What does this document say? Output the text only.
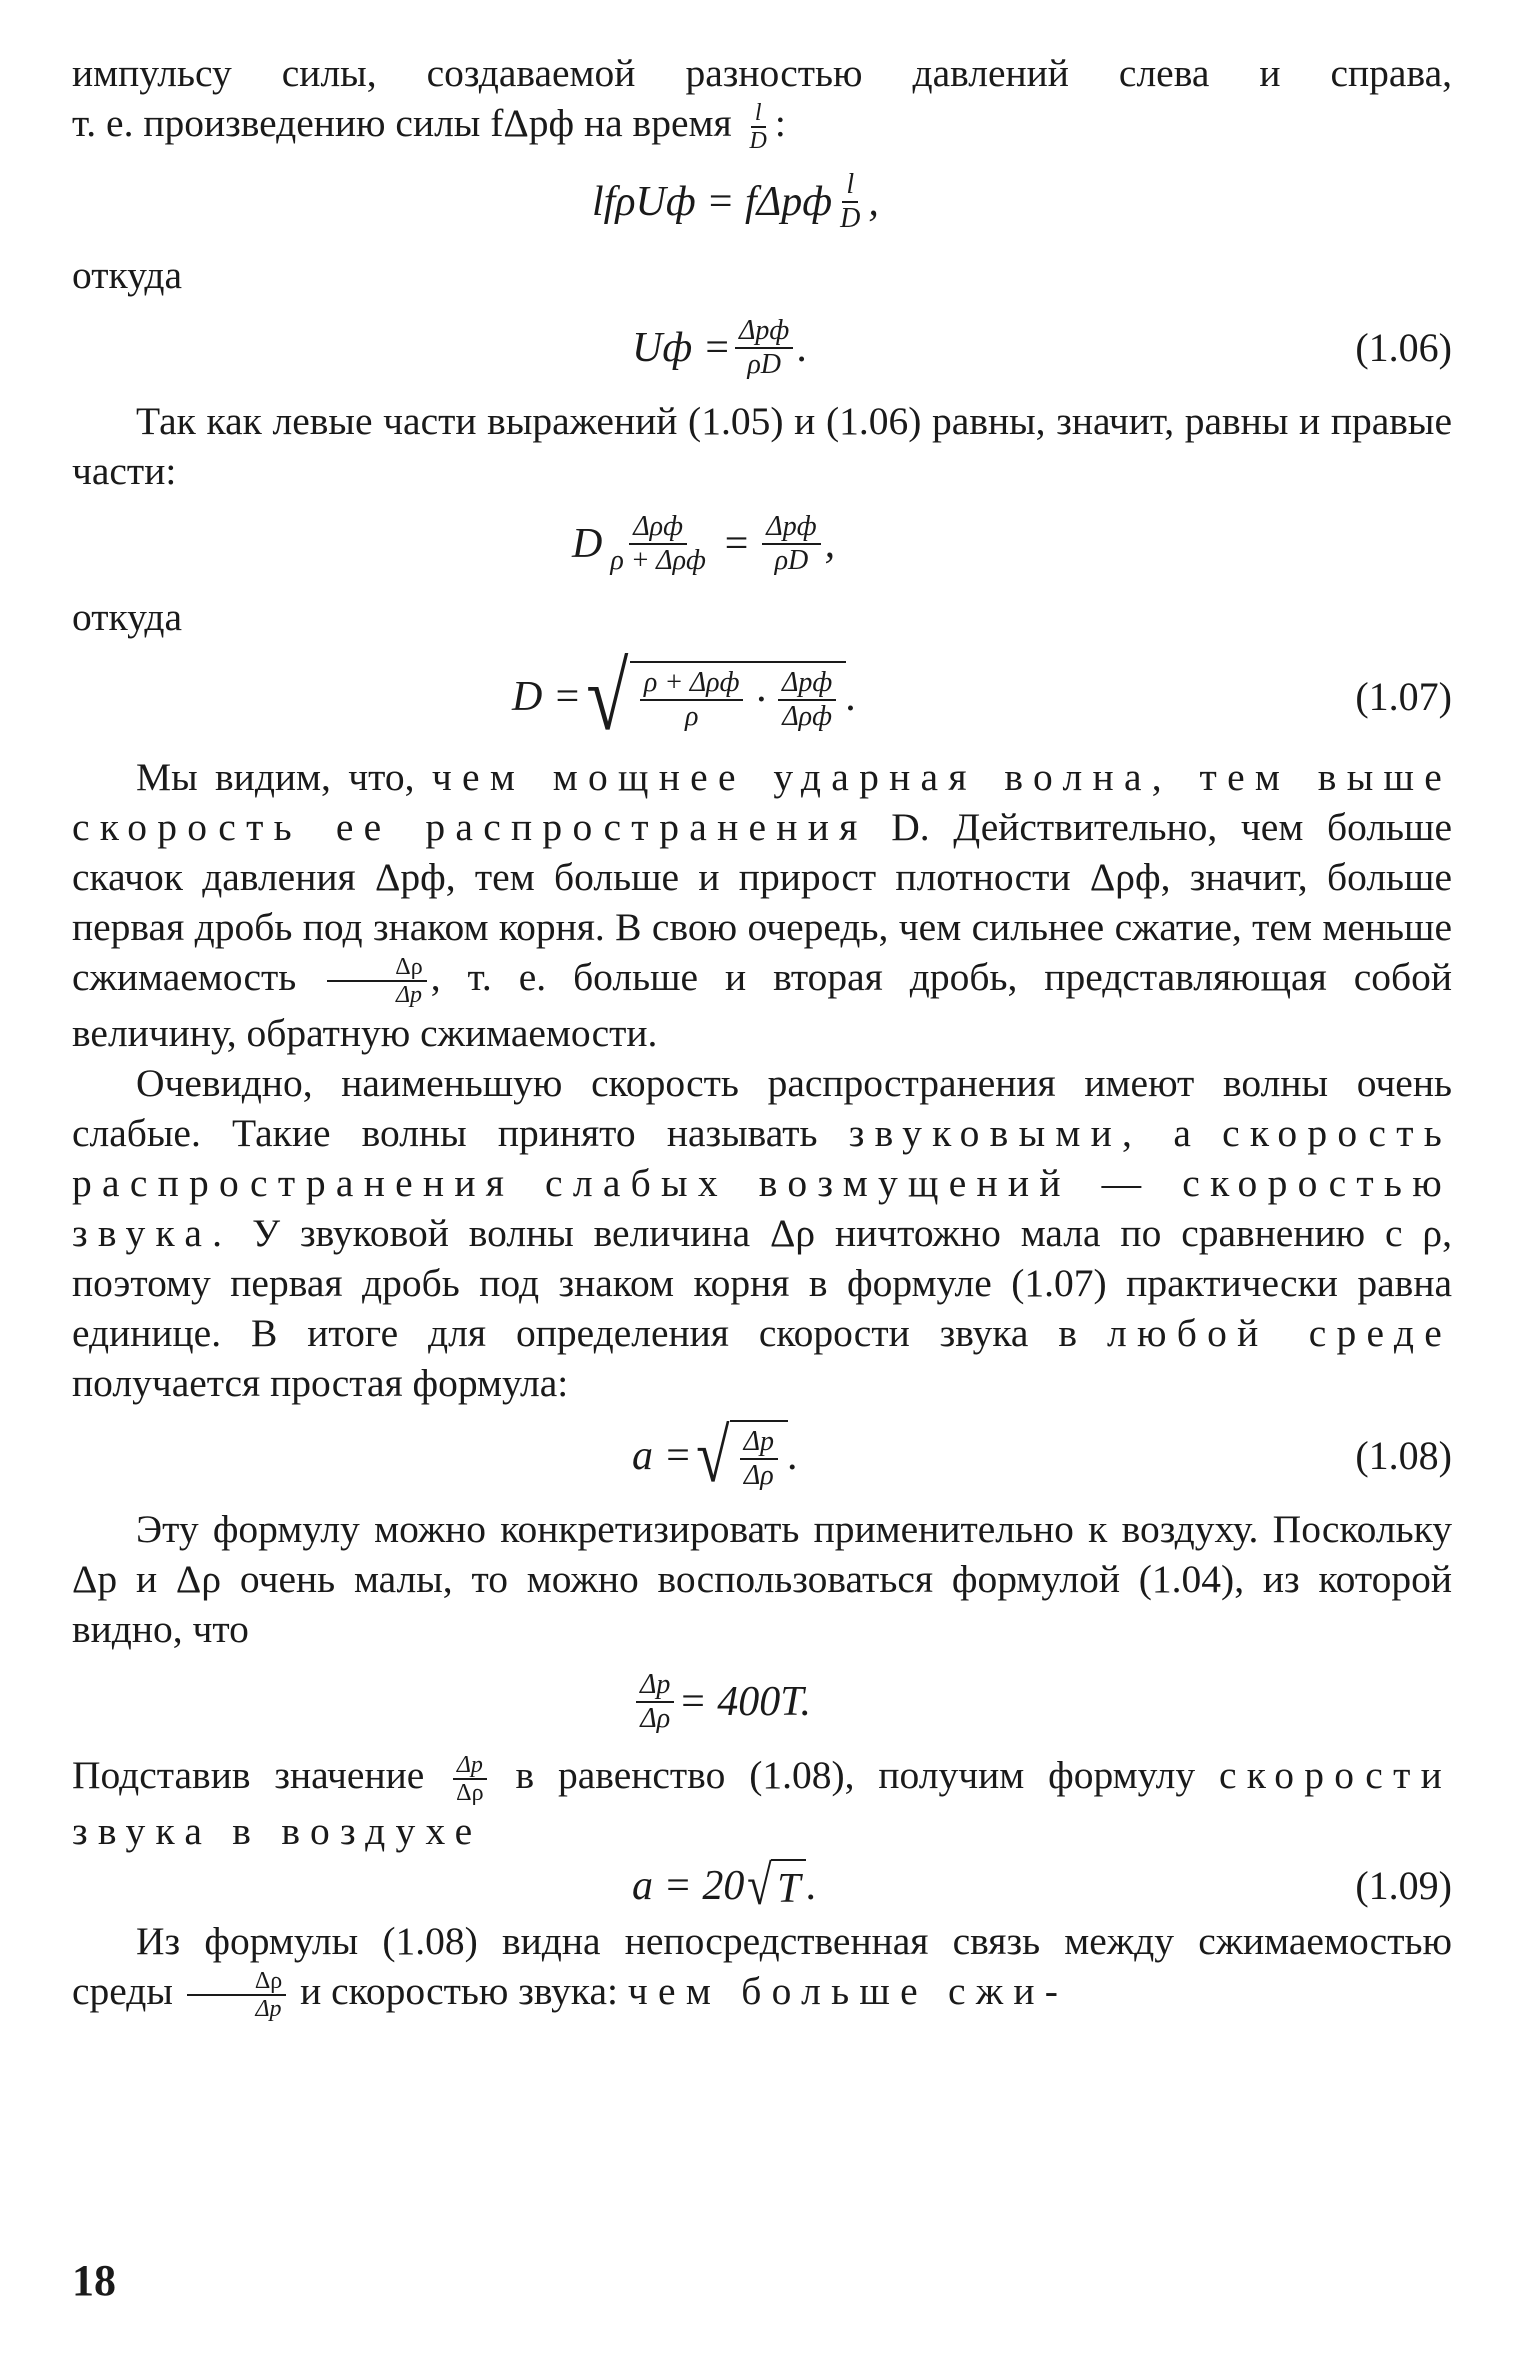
импульсу силы, создаваемой разностью давлений слева и справа,

т. е. произведению силы fΔpф на время $\frac{l}{D}$ :

lfρUф = fΔpф $\frac{l}{D}$ ,

откуда

Uф = $\frac{\text{Δpф}}{\rho D}$ .	(1.06)

Так как левые части выражений (1.05) и (1.06) равны, значит, равны и правые части:

D $\frac{\text{Δρф}}{\text{ρ + Δρф}} = \frac{\text{Δpф}}{\rho D}$ ,

откуда

D = √ $\frac{\text{ρ + Δρф}}{\rho} \cdot \frac{\text{Δpф}}{\text{Δρф}}$ .	(1.07)

Мы видим, что, чем мощнее ударная волна, тем выше скорость ее распространения D. Действительно, чем больше скачок давления Δpф, тем больше и прирост плотности Δρф, значит, больше первая дробь под знаком корня. В свою очередь, чем сильнее сжатие, тем меньше сжимаемость $\frac{\Delta\rho}{\Delta p}$ , т. е. больше и вторая дробь, представляющая собой величину, обратную сжимаемости.

Очевидно, наименьшую скорость распространения имеют волны очень слабые. Такие волны принято называть звуковыми, а скорость распространения слабых возмущений — скоростью звука. У звуковой волны величина Δρ ничтожно мала по сравнению с ρ, поэтому первая дробь под знаком корня в формуле (1.07) практически равна единице. В итоге для определения скорости звука в любой среде получается простая формула:

a = √ $\frac{\Delta p}{\Delta\rho}$ .	(1.08)

Эту формулу можно конкретизировать применительно к воздуху. Поскольку Δp и Δρ очень малы, то можно воспользоваться формулой (1.04), из которой видно, что

$\frac{\Delta p}{\Delta\rho} = 400T$.

Подставив значение $\frac{\Delta p}{\Delta\rho}$ в равенство (1.08), получим формулу скорости звука в воздухе

a = 20 √ T .	(1.09)

Из формулы (1.08) видна непосредственная связь между сжимаемостью среды $\frac{\Delta\rho}{\Delta p}$ и скоростью звука: чем больше сжи-

18
